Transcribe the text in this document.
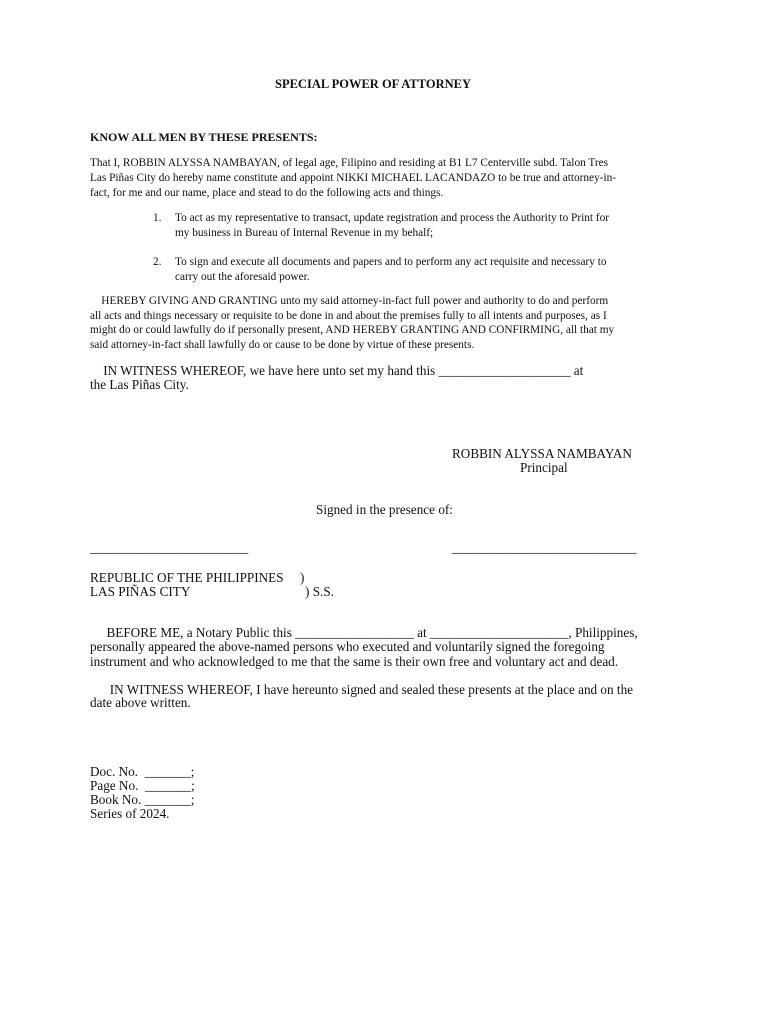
SPECIAL POWER OF ATTORNEY
KNOW ALL MEN BY THESE PRESENTS:
That I, ROBBIN ALYSSA NAMBAYAN, of legal age, Filipino and residing at B1 L7 Centerville subd. Talon Tres
Las Piñas City do hereby name constitute and appoint NIKKI MICHAEL LACANDAZO to be true and attorney-in-
fact, for me and our name, place and stead to do the following acts and things.
1. To act as my representative to transact, update registration and process the Authority to Print for
my business in Bureau of Internal Revenue in my behalf;
2. To sign and execute all documents and papers and to perform any act requisite and necessary to
carry out the aforesaid power.
HEREBY GIVING AND GRANTING unto my said attorney-in-fact full power and authority to do and perform
all acts and things necessary or requisite to be done in and about the premises fully to all intents and purposes, as I
might do or could lawfully do if personally present, AND HEREBY GRANTING AND CONFIRMING, all that my
said attorney-in-fact shall lawfully do or cause to be done by virtue of these presents.
IN WITNESS WHEREOF, we have here unto set my hand this ____________________ at
the Las Piñas City.
ROBBIN ALYSSA NAMBAYAN
Principal
Signed in the presence of:
________________________	____________________________
REPUBLIC OF THE PHILIPPINES     )
LAS PIÑAS CITY	) S.S.
BEFORE ME, a Notary Public this __________________ at _____________________, Philippines,
personally appeared the above-named persons who executed and voluntarily signed the foregoing
instrument and who acknowledged to me that the same is their own free and voluntary act and dead.
IN WITNESS WHEREOF, I have hereunto signed and sealed these presents at the place and on the
date above written.
Doc. No.  _______;
Page No.  _______;
Book No. _______;
Series of 2024.
